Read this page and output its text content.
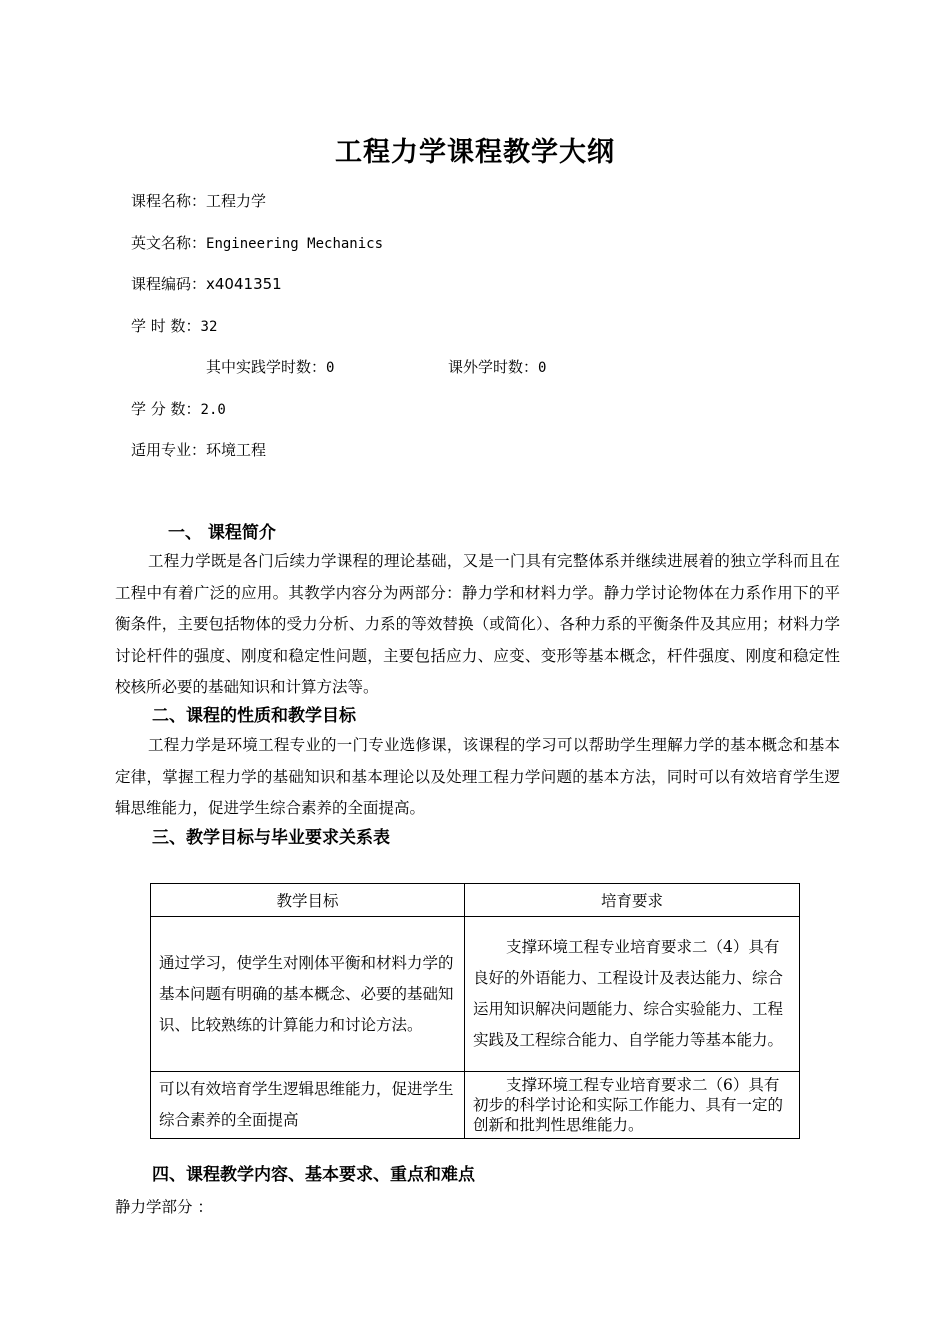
工程力学课程教学大纲
课程名称：工程力学
英文名称：Engineering Mechanics
课程编码：x4041351
学 时 数：32
其中实践学时数：0	课外学时数：0
学 分 数：2.0
适用专业：环境工程
一、 课程简介

工程力学既是各门后续力学课程的理论基础，又是一门具有完整体系并继续进展着的独立学科而且在工程中有着广泛的应用。其教学内容分为两部分：静力学和材料力学。静力学讨论物体在力系作用下的平衡条件，主要包括物体的受力分析、力系的等效替换（或简化）、各种力系的平衡条件及其应用；材料力学讨论杆件的强度、刚度和稳定性问题，主要包括应力、应变、变形等基本概念，杆件强度、刚度和稳定性校核所必要的基础知识和计算方法等。

二、课程的性质和教学目标

工程力学是环境工程专业的一门专业选修课，该课程的学习可以帮助学生理解力学的基本概念和基本定律，掌握工程力学的基础知识和基本理论以及处理工程力学问题的基本方法，同时可以有效培育学生逻辑思维能力，促进学生综合素养的全面提高。

三、教学目标与毕业要求关系表
教学目标	培育要求
通过学习，使学生对刚体平衡和材料力学的基本问题有明确的基本概念、必要的基础知识、比较熟练的计算能力和讨论方法。	支撑环境工程专业培育要求二（4）具有良好的外语能力、工程设计及表达能力、综合运用知识解决问题能力、综合实验能力、工程实践及工程综合能力、自学能力等基本能力。
可以有效培育学生逻辑思维能力，促进学生综合素养的全面提高	支撑环境工程专业培育要求二（6）具有初步的科学讨论和实际工作能力、具有一定的创新和批判性思维能力。
四、课程教学内容、基本要求、重点和难点
静力学部分 ：
